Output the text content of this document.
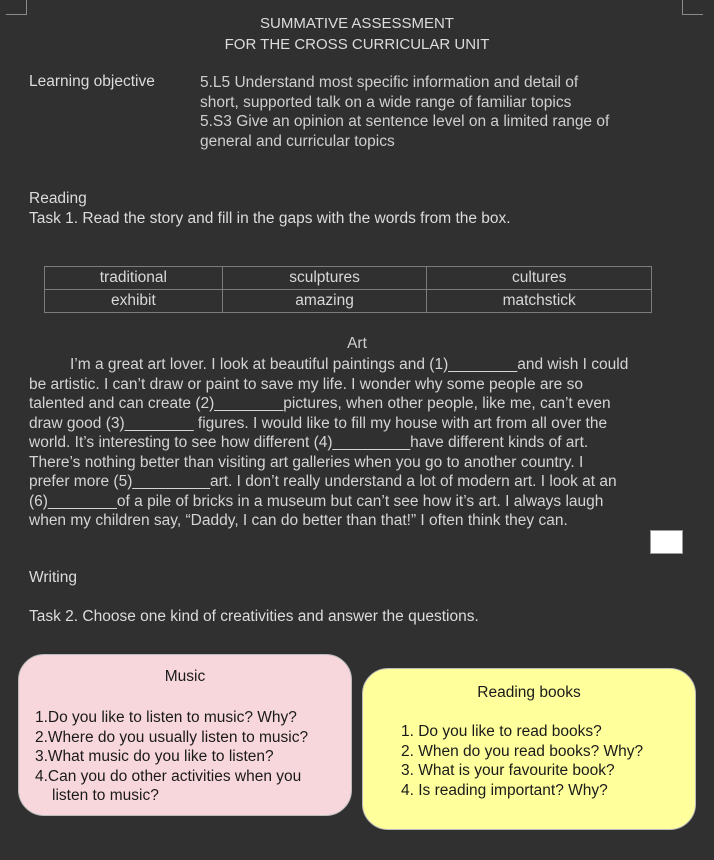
SUMMATIVE ASSESSMENT
FOR THE CROSS CURRICULAR UNIT
Learning objective	5.L5 Understand most specific information and detail of
short, supported talk on a wide range of familiar topics
5.S3 Give an opinion at sentence level on a limited range of
general and curricular topics
Reading
Task 1. Read the story and fill in the gaps with the words from the box.
traditional	sculptures	cultures
exhibit	amazing	matchstick
Art
I’m a great art lover. I look at beautiful paintings and (1)________and wish I could
be artistic. I can’t draw or paint to save my life. I wonder why some people are so
talented and can create (2)________pictures, when other people, like me, can’t even
draw good (3)________ figures. I would like to fill my house with art from all over the
world. It’s interesting to see how different (4)_________have different kinds of art.
There’s nothing better than visiting art galleries when you go to another country. I
prefer more (5)_________art. I don’t really understand a lot of modern art. I look at an
(6)________of a pile of bricks in a museum but can’t see how it’s art. I always laugh
when my children say, “Daddy, I can do better than that!” I often think they can.
Writing
Task 2. Choose one kind of creativities and answer the questions.
Music
1.Do you like to listen to music? Why?
2.Where do you usually listen to music?
3.What music do you like to listen?
4.Can you do other activities when you
listen to music?
Reading books
1. Do you like to read books?
2. When do you read books? Why?
3. What is your favourite book?
4. Is reading important? Why?
